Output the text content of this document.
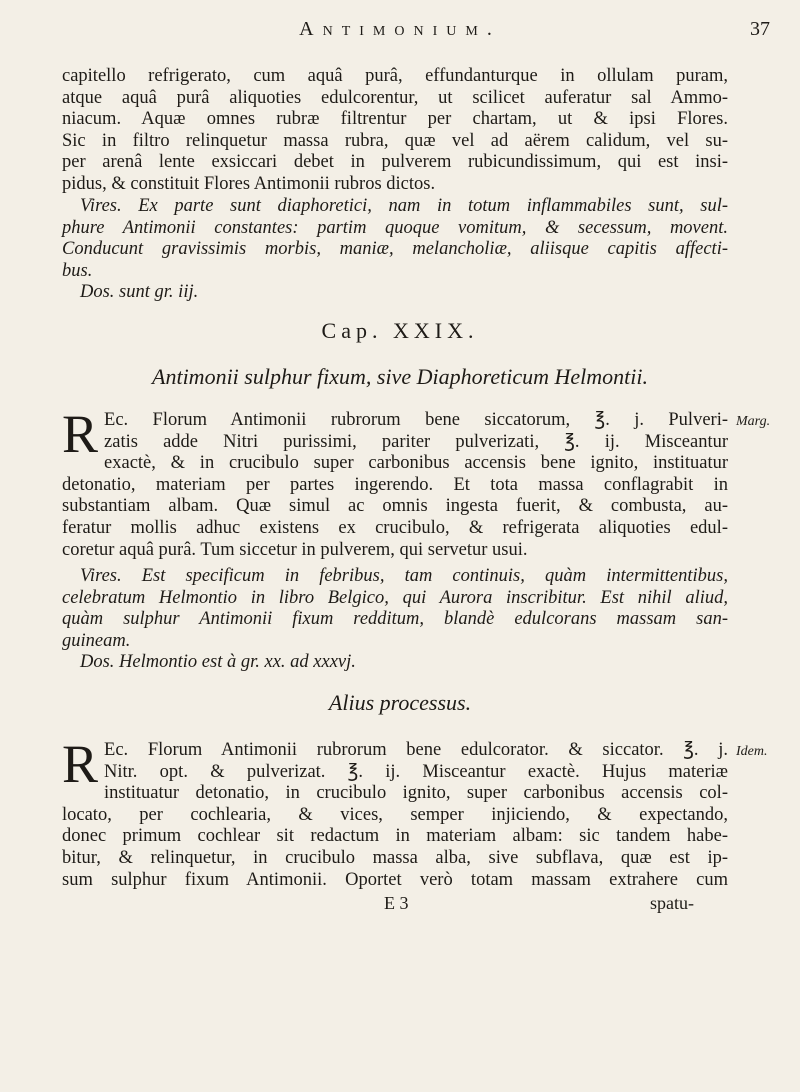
Antimonium.	37
capitello refrigerato, cum aquâ purâ, effundanturque in ollulam puram,
atque aquâ purâ aliquoties edulcorentur, ut scilicet auferatur sal Ammo-
niacum. Aquæ omnes rubræ filtrentur per chartam, ut & ipsi Flores.
Sic in filtro relinquetur massa rubra, quæ vel ad aërem calidum, vel su-
per arenâ lente exsiccari debet in pulverem rubicundissimum, qui est insi-
pidus, & constituit Flores Antimonii rubros dictos.
Vires. Ex parte sunt diaphoretici, nam in totum inflammabiles sunt, sul-
phure Antimonii constantes: partim quoque vomitum, & secessum, movent.
Conducunt gravissimis morbis, maniæ, melancholiæ, aliisque capitis affecti-
bus.
Dos. sunt gr. iij.
Cap. XXIX.
Antimonii sulphur fixum, sive Diaphoreticum Helmontii.
R Ec. Florum Antimonii rubrorum bene siccatorum, ℥. j. Pulveri-
zatis adde Nitri purissimi, pariter pulverizati, ℥. ij. Misceantur
exactè, & in crucibulo super carbonibus accensis bene ignito, instituatur
detonatio, materiam per partes ingerendo. Et tota massa conflagrabit in
substantiam albam. Quæ simul ac omnis ingesta fuerit, & combusta, au-
feratur mollis adhuc existens ex crucibulo, & refrigerata aliquoties edul-
coretur aquâ purâ. Tum siccetur in pulverem, qui servetur usui.
Marg.
Vires. Est specificum in febribus, tam continuis, quàm intermittentibus,
celebratum Helmontio in libro Belgico, qui Aurora inscribitur. Est nihil aliud,
quàm sulphur Antimonii fixum redditum, blandè edulcorans massam san-
guineam.
Dos. Helmontio est à gr. xx. ad xxxvj.
Alius processus.
R Ec. Florum Antimonii rubrorum bene edulcorator. & siccator. ℥. j.
Nitr. opt. & pulverizat. ℥. ij. Misceantur exactè. Hujus materiæ
instituatur detonatio, in crucibulo ignito, super carbonibus accensis col-
locato, per cochlearia, & vices, semper injiciendo, & expectando,
donec primum cochlear sit redactum in materiam albam: sic tandem habe-
bitur, & relinquetur, in crucibulo massa alba, sive subflava, quæ est ip-
sum sulphur fixum Antimonii. Oportet verò totam massam extrahere cum
Idem.
E 3	spatu-
